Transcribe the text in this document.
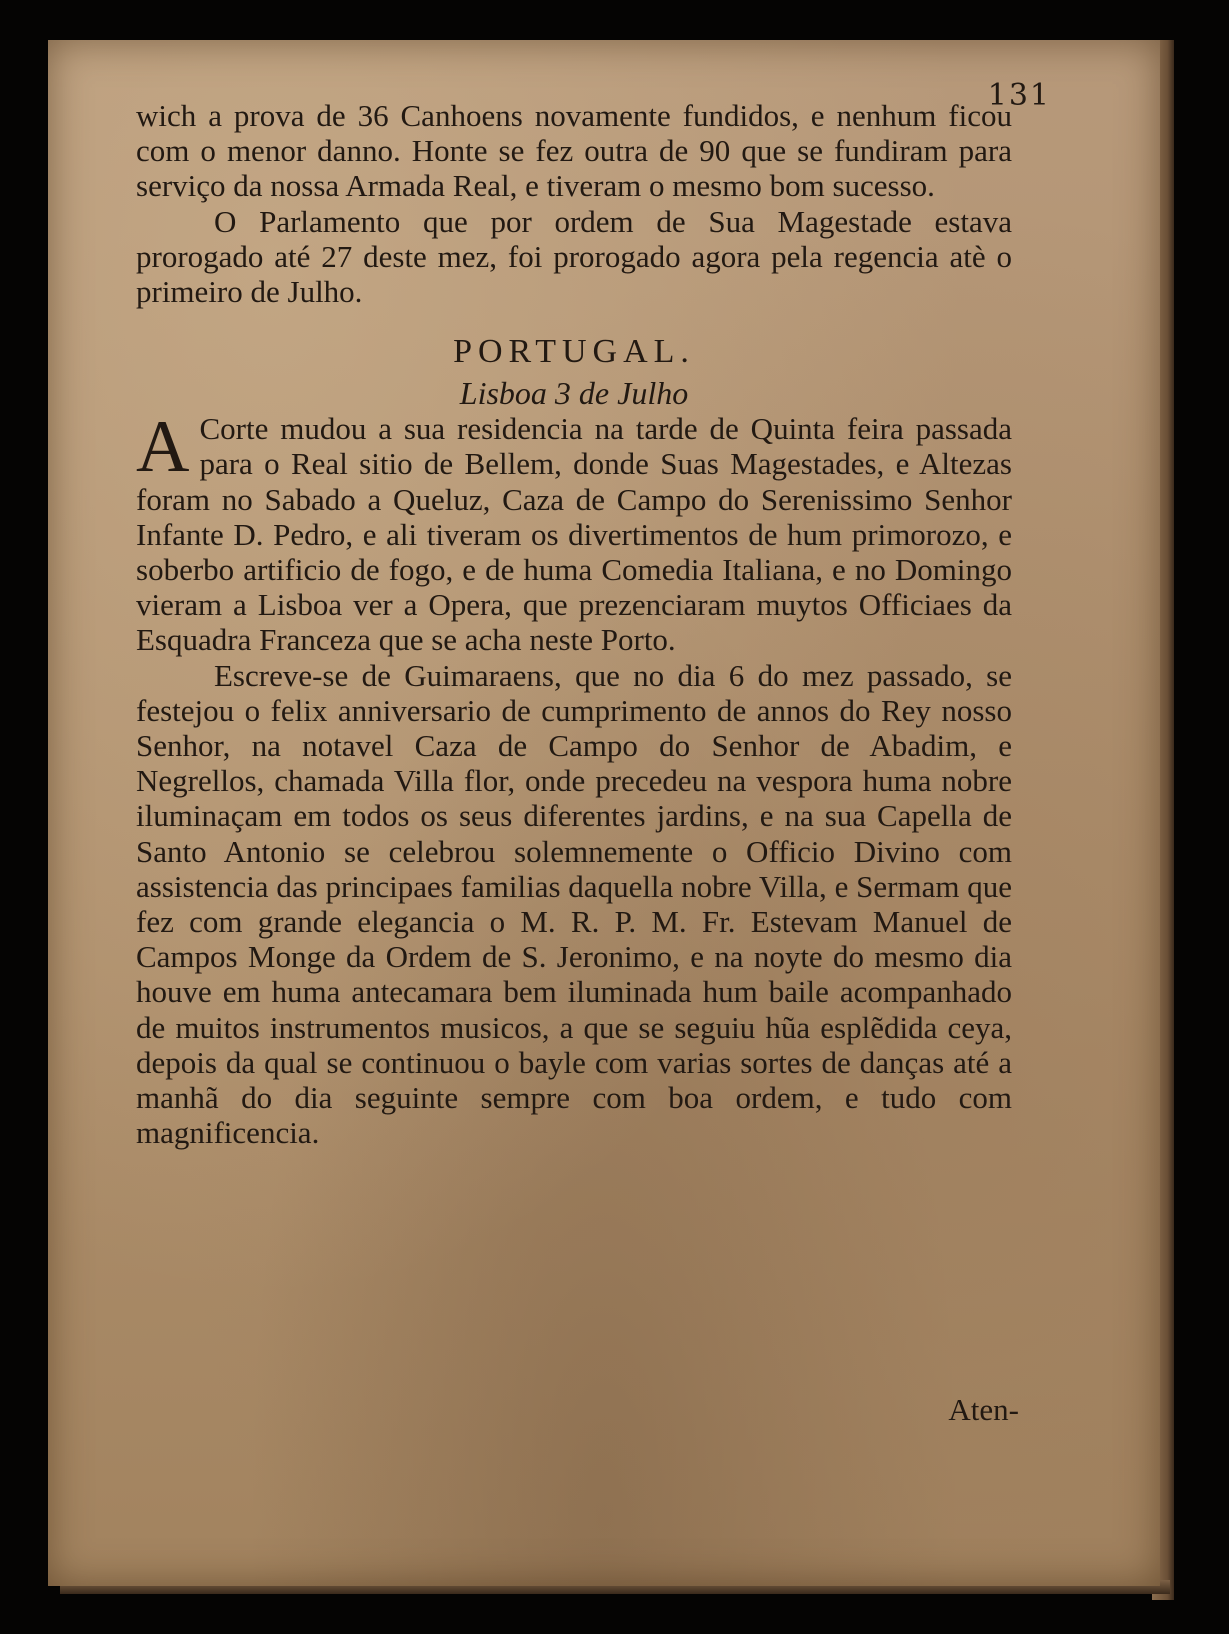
131

wich a prova de 36 Canhoens novamente fundidos, e nenhum ficou com o menor danno. Honte se fez outra de 90 que se fundiram para serviço da nossa Armada Real, e tiveram o mesmo bom sucesso.

O Parlamento que por ordem de Sua Magestade estava prorogado até 27 deste mez, foi prorogado agora pela regencia atè o primeiro de Julho.

PORTUGAL.
Lisboa 3 de Julho
A Corte mudou a sua residencia na tarde de Quinta feira passada para o Real sitio de Bellem, donde Suas Magestades, e Altezas foram no Sabado a Queluz, Caza de Campo do Serenissimo Senhor Infante D. Pedro, e ali tiveram os divertimentos de hum primorozo, e soberbo artificio de fogo, e de huma Comedia Italiana, e no Domingo vieram a Lisboa ver a Opera, que prezenciaram muytos Officiaes da Esquadra Franceza que se acha neste Porto.

Escreve-se de Guimaraens, que no dia 6 do mez passado, se festejou o felix anniversario de cumprimento de annos do Rey nosso Senhor, na notavel Caza de Campo do Senhor de Abadim, e Negrellos, chamada Villa flor, onde precedeu na vespora huma nobre iluminaçam em todos os seus diferentes jardins, e na sua Capella de Santo Antonio se celebrou solemnemente o Officio Divino com assistencia das principaes familias daquella nobre Villa, e Sermam que fez com grande elegancia o M. R. P. M. Fr. Estevam Manuel de Campos Monge da Ordem de S. Jeronimo, e na noyte do mesmo dia houve em huma antecamara bem iluminada hum baile acompanhado de muitos instrumentos musicos, a que se seguiu hũa esplẽdida ceya, depois da qual se continuou o bayle com varias sortes de danças até a manhã do dia seguinte sempre com boa ordem, e tudo com magnificencia.

Aten-
